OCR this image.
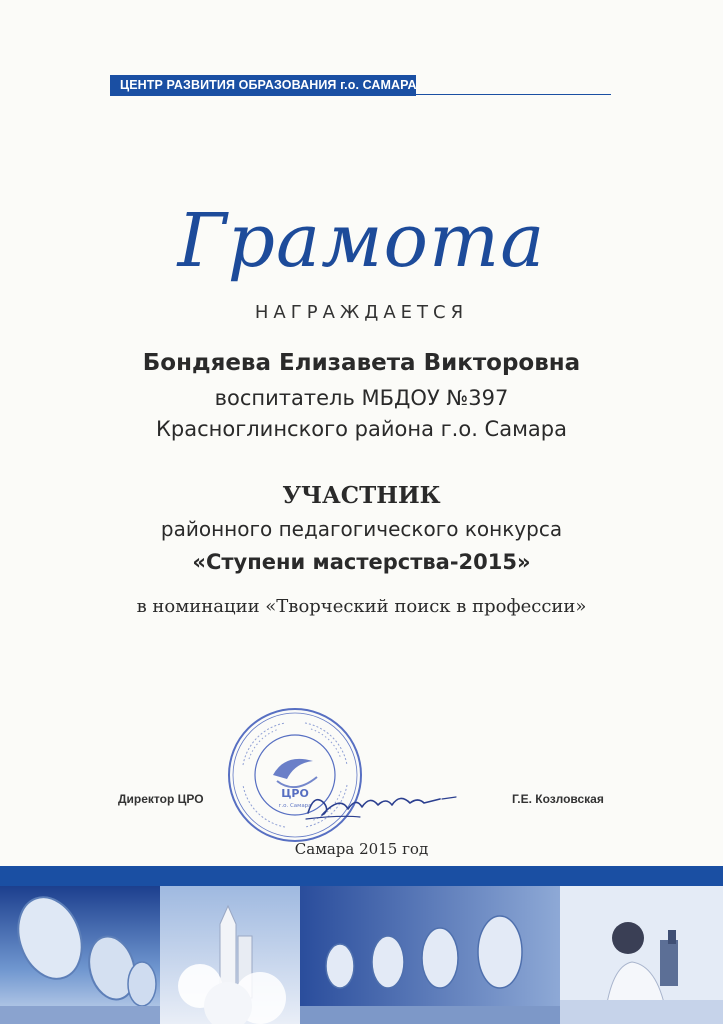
ЦЕНТР РАЗВИТИЯ ОБРАЗОВАНИЯ г.о. САМАРА
Грамота
НАГРАЖДАЕТСЯ
Бондяева Елизавета Викторовна
воспитатель МБДОУ №397
Красноглинского района г.о. Самара
УЧАСТНИК
районного педагогического конкурса
«Ступени мастерства-2015»
в номинации «Творческий поиск в профессии»
Директор ЦРО	Г.Е. Козловская
ЦРО
г.о. Самара
Самара 2015 год
